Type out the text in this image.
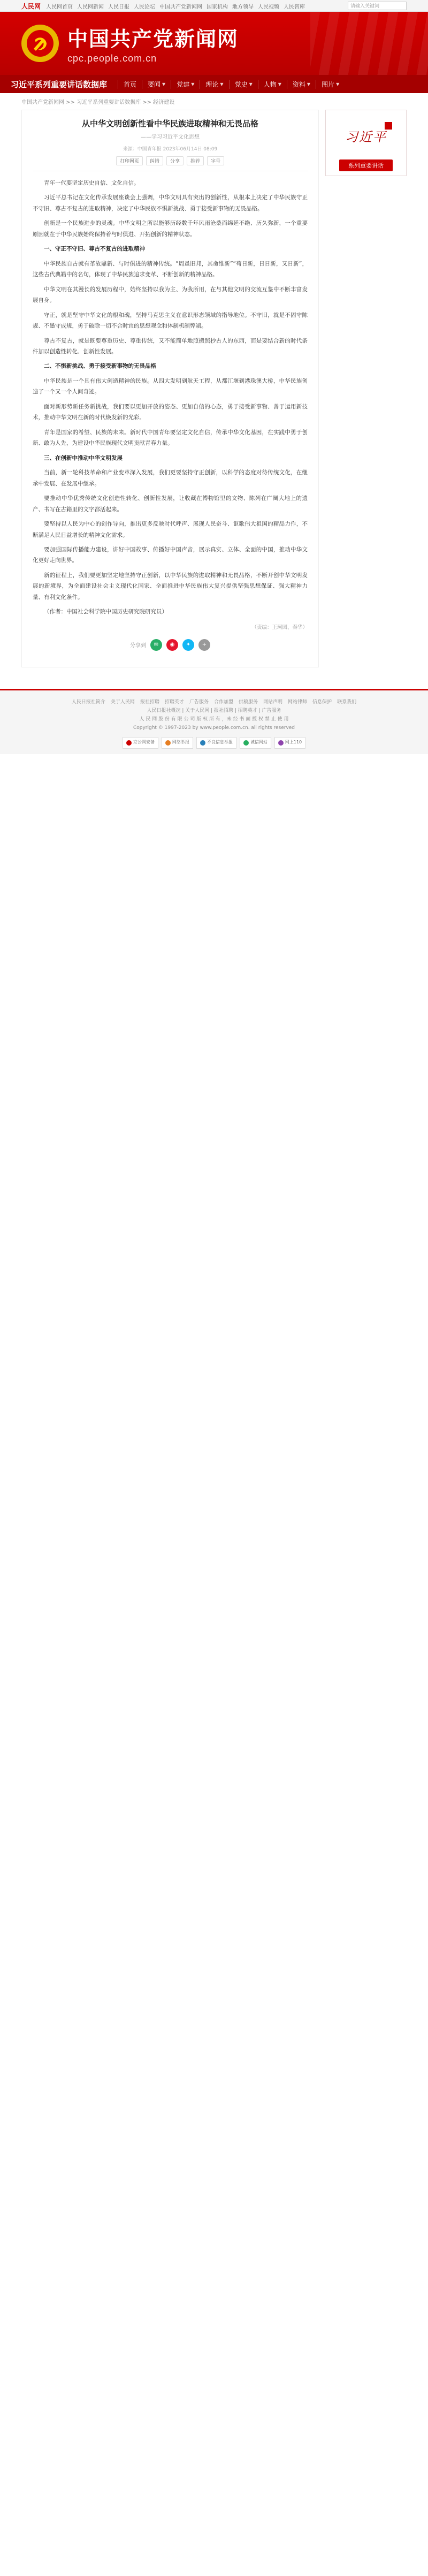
人民网 人民网首页 人民网新闻 人民日报 人民论坛 中国共产党新闻网 国家机构 地方领导 人民视频 人民智库	请输入关键词
中国共产党新闻网
cpc.people.com.cn
习近平系列重要讲话数据库	首页 要闻 ▼ 党建 ▼ 理论 ▼ 党史 ▼ 人物 ▼ 资料 ▼ 图片 ▼
中国共产党新闻网 >> 习近平系列重要讲话数据库 >> 经济建设
从中华文明创新性看中华民族进取精神和无畏品格
——学习习近平文化思想
来源：中国青年报 2023年06月14日 08:09
打印网页	纠错	分享	推荐	字号

青年一代要坚定历史自信、文化自信。

习近平总书记在文化传承发展座谈会上强调，中华文明具有突出的创新性，从根本上决定了中华民族守正不守旧、尊古不复古的进取精神，决定了中华民族不惧新挑战、勇于接受新事物的无畏品格。

创新是一个民族进步的灵魂。中华文明之所以能够历经数千年风雨沧桑而绵延不绝、历久弥新，一个重要原因就在于中华民族始终保持着与时俱进、开拓创新的精神状态。

一、守正不守旧、尊古不复古的进取精神

中华民族自古就有革故鼎新、与时俱进的精神传统。“周虽旧邦，其命维新”“苟日新，日日新，又日新”，这些古代典籍中的名句，体现了中华民族追求变革、不断创新的精神品格。

中华文明在其漫长的发展历程中，始终坚持以我为主、为我所用，在与其他文明的交流互鉴中不断丰富发展自身。

守正，就是坚守中华文化的根和魂，坚持马克思主义在意识形态领域的指导地位。不守旧，就是不固守陈规、不墨守成规，勇于破除一切不合时宜的思想观念和体制机制弊端。

尊古不复古，就是既要尊重历史、尊重传统，又不能简单地照搬照抄古人的东西，而是要结合新的时代条件加以创造性转化、创新性发展。

二、不惧新挑战、勇于接受新事物的无畏品格

中华民族是一个具有伟大创造精神的民族。从四大发明到航天工程，从都江堰到港珠澳大桥，中华民族创造了一个又一个人间奇迹。

面对新形势新任务新挑战，我们要以更加开放的姿态、更加自信的心态，勇于接受新事物、善于运用新技术，推动中华文明在新的时代焕发新的光彩。

青年是国家的希望、民族的未来。新时代中国青年要坚定文化自信，传承中华文化基因，在实践中勇于创新、敢为人先，为建设中华民族现代文明贡献青春力量。

三、在创新中推动中华文明发展

当前，新一轮科技革命和产业变革深入发展，我们更要坚持守正创新，以科学的态度对待传统文化，在继承中发展、在发展中继承。

要推动中华优秀传统文化创造性转化、创新性发展，让收藏在博物馆里的文物、陈列在广阔大地上的遗产、书写在古籍里的文字都活起来。

要坚持以人民为中心的创作导向，推出更多反映时代呼声、展现人民奋斗、讴歌伟大祖国的精品力作，不断满足人民日益增长的精神文化需求。

要加强国际传播能力建设，讲好中国故事、传播好中国声音，展示真实、立体、全面的中国，推动中华文化更好走向世界。

新的征程上，我们要更加坚定地坚持守正创新，以中华民族的进取精神和无畏品格，不断开创中华文明发展的新境界，为全面建设社会主义现代化国家、全面推进中华民族伟大复兴提供坚强思想保证、强大精神力量、有利文化条件。

（作者：中国社会科学院中国历史研究院研究员）

（责编：王珂园、秦华）
分享到	✉	◉	✦	+
习近平
系列重要讲话
人民日报社简介 关于人民网 报社招聘 招聘英才 广告服务 合作加盟 供稿服务 网站声明 网站律师 信息保护 联系我们
人民日报社概况 | 关于人民网 | 报社招聘 | 招聘英才 | 广告服务
人 民 网 股 份 有 限 公 司 版 权 所 有 ，未 经 书 面 授 权 禁 止 使 用
Copyright © 1997-2023 by www.people.com.cn. all rights reserved
京公网安备	网络举报	不良信息举报	诚信网站	网上110
